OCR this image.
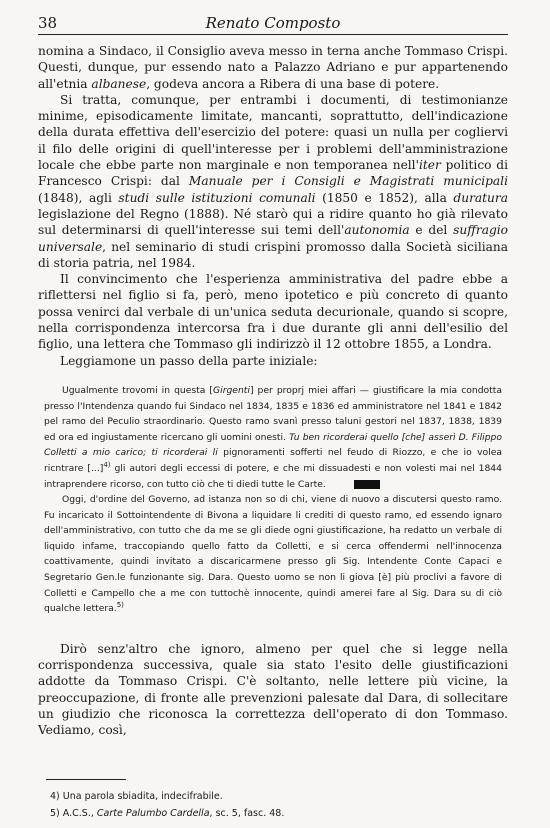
38	Renato Composto

nomina a Sindaco, il Consiglio aveva messo in terna anche Tommaso Crispi. Questi, dunque, pur essendo nato a Palazzo Adriano e pur appartenendo all'etnia albanese, godeva ancora a Ribera di una base di potere.

Si tratta, comunque, per entrambi i documenti, di testimonianze minime, episodicamente limitate, mancanti, soprattutto, dell'indicazione della durata effettiva dell'esercizio del potere: quasi un nulla per cogliervi il filo delle origini di quell'interesse per i problemi dell'amministrazione locale che ebbe parte non marginale e non temporanea nell'iter politico di Francesco Crispi: dal Manuale per i Consigli e Magistrati municipali (1848), agli studi sulle istituzioni comunali (1850 e 1852), alla duratura legislazione del Regno (1888). Né starò qui a ridire quanto ho già rilevato sul determinarsi di quell'interesse sui temi dell'autonomia e del suffragio universale, nel seminario di studi crispini promosso dalla Società siciliana di storia patria, nel 1984.

Il convincimento che l'esperienza amministrativa del padre ebbe a riflettersi nel figlio si fa, però, meno ipotetico e più concreto di quanto possa venirci dal verbale di un'unica seduta decurionale, quando si scopre, nella corrispondenza intercorsa fra i due durante gli anni dell'esilio del figlio, una lettera che Tommaso gli indirizzò il 12 ottobre 1855, a Londra.

Leggiamone un passo della parte iniziale:

Ugualmente trovomi in questa [Girgenti] per proprj miei affari — giustificare la mia condotta presso l'Intendenza quando fui Sindaco nel 1834, 1835 e 1836 ed amministratore nel 1841 e 1842 pel ramo del Peculio straordinario. Questo ramo svanì presso taluni gestori nel 1837, 1838, 1839 ed ora ed ingiustamente ricercano gli uomini onesti. Tu ben ricorderai quello [che] asserì D. Filippo Colletti a mio carico; ti ricorderai li pignoramenti sofferti nel feudo di Riozzo, e che io volea ricntrare [...]$^{4)}$ gli autori degli eccessi di potere, e che mi dissuadesti e non volesti mai nel 1844 intraprendere ricorso, con tutto ciò che ti diedi tutte le Carte.

Oggi, d'ordine del Governo, ad istanza non so di chi, viene di nuovo a discutersi questo ramo. Fu incaricato il Sottointendente di Bivona a liquidare li crediti di questo ramo, ed essendo ignaro dell'amministrativo, con tutto che da me se gli diede ogni giustificazione, ha redatto un verbale di liquido infame, traccopiando quello fatto da Colletti, e si cerca offendermi nell'innocenza coattivamente, quindi invitato a discaricarmene presso gli Sig. Intendente Conte Capaci e Segretario Gen.le funzionante sig. Dara. Questo uomo se non li giova [è] più proclivi a favore di Colletti e Campello che a me con tuttochè innocente, quindi amerei fare al Sig. Dara su di ciò qualche lettera.$^{5)}$

Dirò senz'altro che ignoro, almeno per quel che si legge nella corrispondenza successiva, quale sia stato l'esito delle giustificazioni addotte da Tommaso Crispi. C'è soltanto, nelle lettere più vicine, la preoccupazione, di fronte alle prevenzioni palesate dal Dara, di sollecitare un giudizio che riconosca la correttezza dell'operato di don Tommaso. Vediamo, così,

4) Una parola sbiadita, indecifrabile.
5) A.C.S., Carte Palumbo Cardella, sc. 5, fasc. 48.
